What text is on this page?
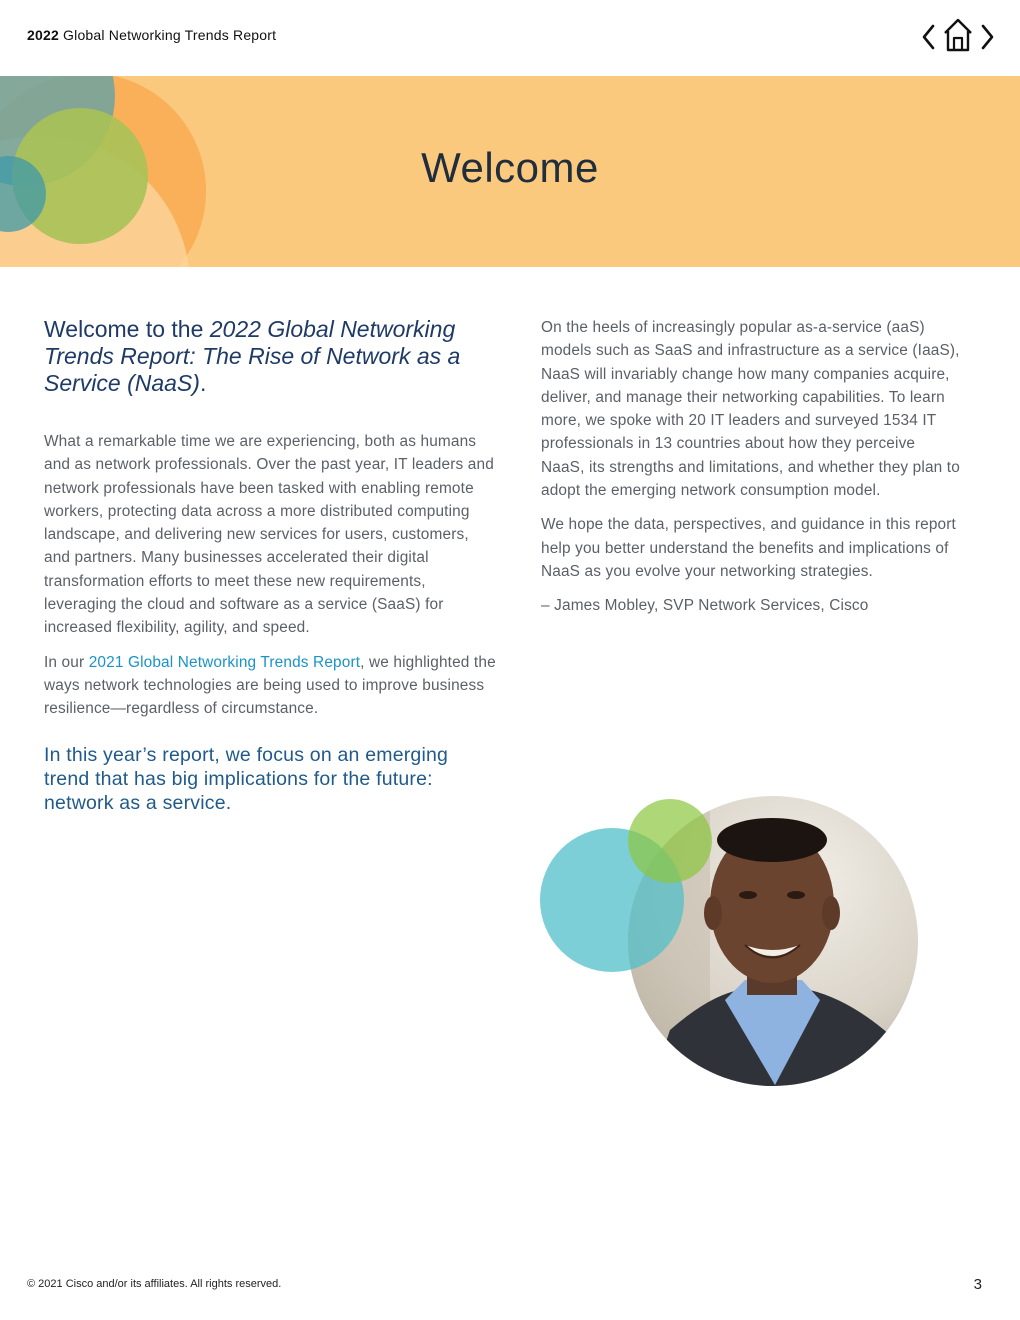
2022 Global Networking Trends Report
Welcome
Welcome to the 2022 Global Networking Trends Report: The Rise of Network as a Service (NaaS).

What a remarkable time we are experiencing, both as humans and as network professionals. Over the past year, IT leaders and network professionals have been tasked with enabling remote workers, protecting data across a more distributed computing landscape, and delivering new services for users, customers, and partners. Many businesses accelerated their digital transformation efforts to meet these new requirements, leveraging the cloud and software as a service (SaaS) for increased flexibility, agility, and speed.

In our 2021 Global Networking Trends Report, we highlighted the ways network technologies are being used to improve business resilience—regardless of circumstance.

In this year’s report, we focus on an emerging trend that has big implications for the future: network as a service.

On the heels of increasingly popular as-a-service (aaS) models such as SaaS and infrastructure as a service (IaaS), NaaS will invariably change how many companies acquire, deliver, and manage their networking capabilities. To learn more, we spoke with 20 IT leaders and surveyed 1534 IT professionals in 13 countries about how they perceive NaaS, its strengths and limitations, and whether they plan to adopt the emerging network consumption model.

We hope the data, perspectives, and guidance in this report help you better understand the benefits and implications of NaaS as you evolve your networking strategies.

– James Mobley, SVP Network Services, Cisco

© 2021 Cisco and/or its affiliates. All rights reserved.	3
